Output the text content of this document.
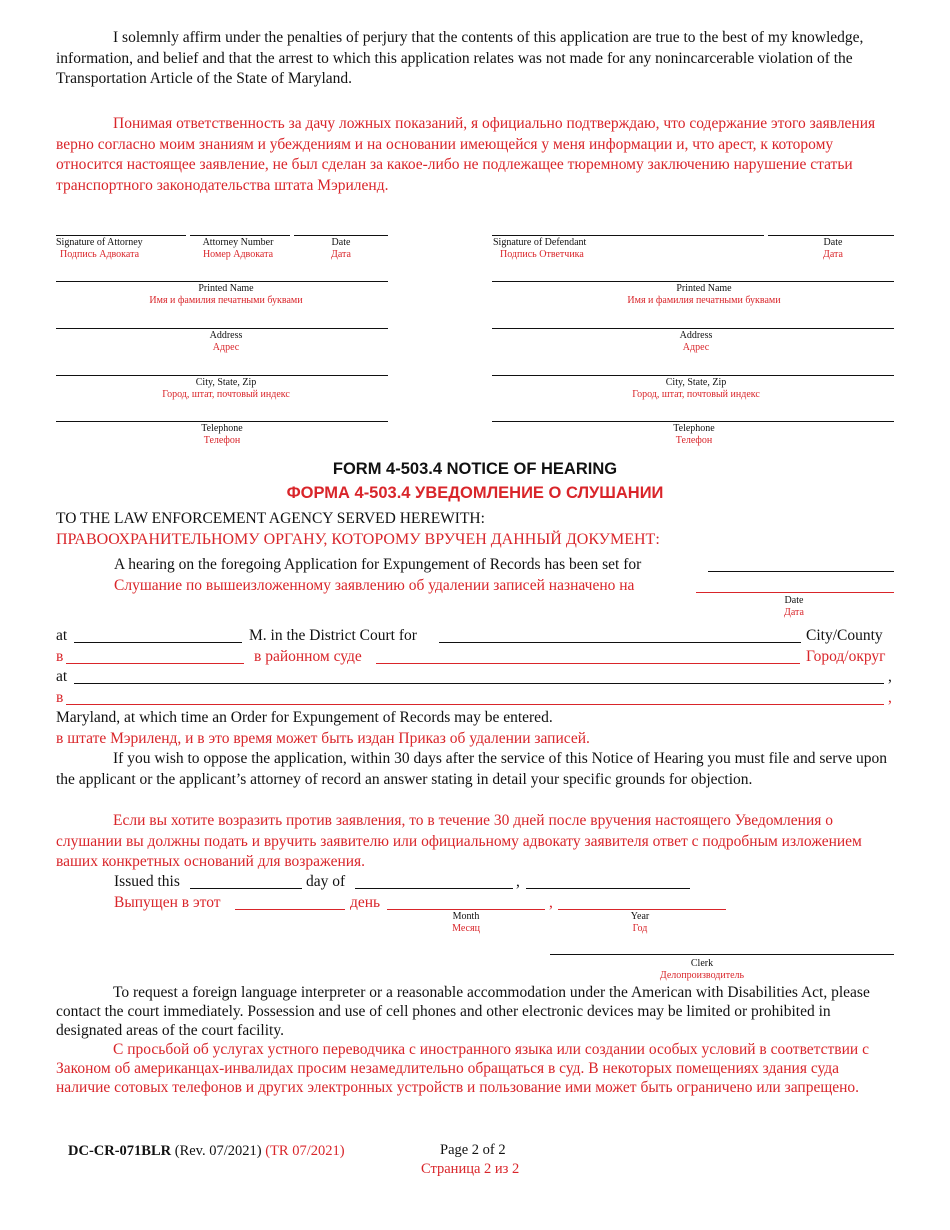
I solemnly affirm under the penalties of perjury that the contents of this application are true to the best of my knowledge, information, and belief and that the arrest to which this application relates was not made for any nonincarcerable violation of the Transportation Article of the State of Maryland.
Понимая ответственность за дачу ложных показаний, я официально подтверждаю, что содержание этого заявления верно согласно моим знаниям и убеждениям и на основании имеющейся у меня информации и, что арест, к которому относится настоящее заявление, не был сделан за какое-либо не подлежащее тюремному заключению нарушение статьи транспортного законодательства штата Мэриленд.
Signature of Attorney
Подпись Адвоката
Attorney Number
Номер Адвоката
Date
Дата
Printed Name
Имя и фамилия печатными буквами
Address
Адрес
City, State, Zip
Город, штат, почтовый индекс
Telephone
Телефон
Signature of Defendant
Подпись Ответчика
Date
Дата
Printed Name
Имя и фамилия печатными буквами
Address
Адрес
City, State, Zip
Город, штат, почтовый индекс
Telephone
Телефон
FORM 4-503.4 NOTICE OF HEARING
ФОРМА 4-503.4 УВЕДОМЛЕНИЕ О СЛУШАНИИ
TO THE LAW ENFORCEMENT AGENCY SERVED HEREWITH:
ПРАВООХРАНИТЕЛЬНОМУ ОРГАНУ, КОТОРОМУ ВРУЧЕН ДАННЫЙ ДОКУМЕНТ:
A hearing on the foregoing Application for Expungement of Records has been set for
Слушание по вышеизложенному заявлению об удалении записей назначено на
Date
Дата
at	M. in the District Court for	City/County
в	в районном суде	Город/округ
at	,
в	,
Maryland, at which time an Order for Expungement of Records may be entered.
в штате Мэриленд, и в это время может быть издан Приказ об удалении записей.
If you wish to oppose the application, within 30 days after the service of this Notice of Hearing you must file and serve upon the applicant or the applicant’s attorney of record an answer stating in detail your specific grounds for objection.
Если вы хотите возразить против заявления, то в течение 30 дней после вручения настоящего Уведомления о слушании вы должны подать и вручить заявителю или официальному адвокату заявителя ответ с подробным изложением ваших конкретных оснований для возражения.
Issued this	day of	,
Выпущен в этот	день	,
Month
Месяц
Year
Год
Clerk
Делопроизводитель
To request a foreign language interpreter or a reasonable accommodation under the American with Disabilities Act, please contact the court immediately. Possession and use of cell phones and other electronic devices may be limited or prohibited in designated areas of the court facility.
С просьбой об услугах устного переводчика с иностранного языка или создании особых условий в соответствии с Законом об американцах-инвалидах просим незамедлительно обращаться в суд. В некоторых помещениях здания суда наличие сотовых телефонов и других электронных устройств и пользование ими может быть ограничено или запрещено.
DC-CR-071BLR (Rev. 07/2021) (TR 07/2021)	Page 2 of 2
Страница 2 из 2
